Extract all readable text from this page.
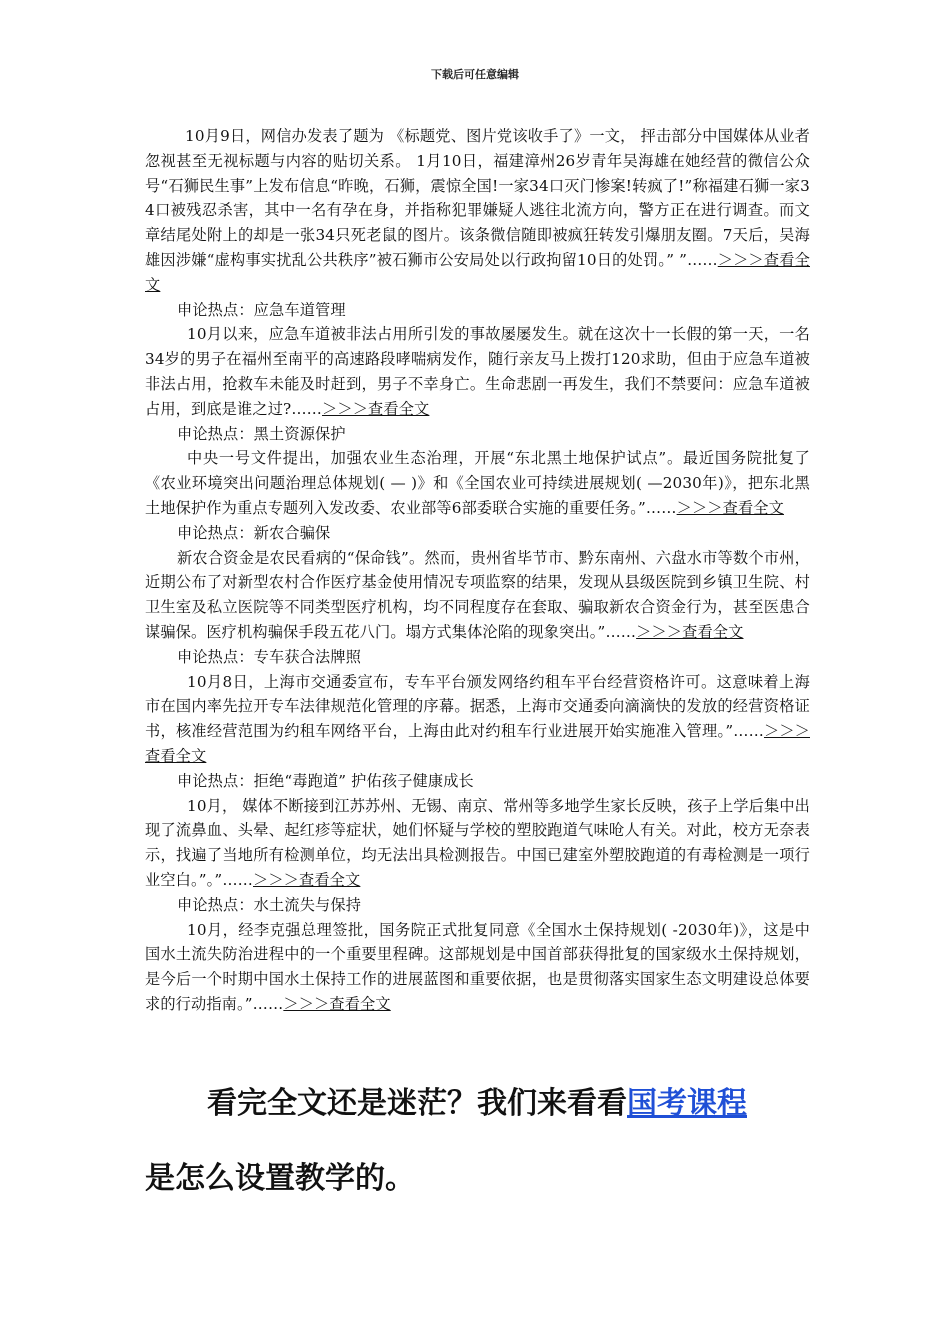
下载后可任意编辑

10月9日，网信办发表了题为 《标题党、图片党该收手了》一文， 抨击部分中国媒体从业者忽视甚至无视标题与内容的贴切关系。 1月10日，福建漳州26岁青年吴海雄在她经营的微信公众号“石狮民生事”上发布信息“昨晚，石狮，震惊全国!一家34口灭门惨案!转疯了!”称福建石狮一家34口被残忍杀害，其中一名有孕在身，并指称犯罪嫌疑人逃往北流方向，警方正在进行调查。而文章结尾处附上的却是一张34只死老鼠的图片。该条微信随即被疯狂转发引爆朋友圈。7天后，吴海雄因涉嫌“虚构事实扰乱公共秩序”被石狮市公安局处以行政拘留10日的处罚。” ”……＞＞＞查看全文

申论热点：应急车道管理

10月以来，应急车道被非法占用所引发的事故屡屡发生。就在这次十一长假的第一天，一名34岁的男子在福州至南平的高速路段哮喘病发作，随行亲友马上拨打120求助，但由于应急车道被非法占用，抢救车未能及时赶到，男子不幸身亡。生命悲剧一再发生，我们不禁要问：应急车道被占用，到底是谁之过?……＞＞＞查看全文

申论热点：黑土资源保护

中央一号文件提出，加强农业生态治理，开展“东北黑土地保护试点”。最近国务院批复了《农业环境突出问题治理总体规划( — )》和《全国农业可持续进展规划( —2030年)》，把东北黑土地保护作为重点专题列入发改委、农业部等6部委联合实施的重要任务。”……＞＞＞查看全文

申论热点：新农合骗保

新农合资金是农民看病的“保命钱”。然而，贵州省毕节市、黔东南州、六盘水市等数个市州，近期公布了对新型农村合作医疗基金使用情况专项监察的结果，发现从县级医院到乡镇卫生院、村卫生室及私立医院等不同类型医疗机构，均不同程度存在套取、骗取新农合资金行为，甚至医患合谋骗保。医疗机构骗保手段五花八门。塌方式集体沦陷的现象突出。”……＞＞＞查看全文

申论热点：专车获合法牌照

10月8日，上海市交通委宣布，专车平台颁发网络约租车平台经营资格许可。这意味着上海市在国内率先拉开专车法律规范化管理的序幕。据悉，上海市交通委向滴滴快的发放的经营资格证书，核准经营范围为约租车网络平台，上海由此对约租车行业进展开始实施准入管理。”……＞＞＞查看全文

申论热点：拒绝“毒跑道” 护佑孩子健康成长

10月， 媒体不断接到江苏苏州、无锡、南京、常州等多地学生家长反映，孩子上学后集中出现了流鼻血、头晕、起红疹等症状，她们怀疑与学校的塑胶跑道气味呛人有关。对此，校方无奈表示，找遍了当地所有检测单位，均无法出具检测报告。中国已建室外塑胶跑道的有毒检测是一项行业空白。”。”……＞＞＞查看全文

申论热点：水土流失与保持

10月，经李克强总理签批，国务院正式批复同意《全国水土保持规划( -2030年)》，这是中国水土流失防治进程中的一个重要里程碑。这部规划是中国首部获得批复的国家级水土保持规划，是今后一个时期中国水土保持工作的进展蓝图和重要依据，也是贯彻落实国家生态文明建设总体要求的行动指南。”……＞＞＞查看全文

看完全文还是迷茫？我们来看看国考课程
是怎么设置教学的。
